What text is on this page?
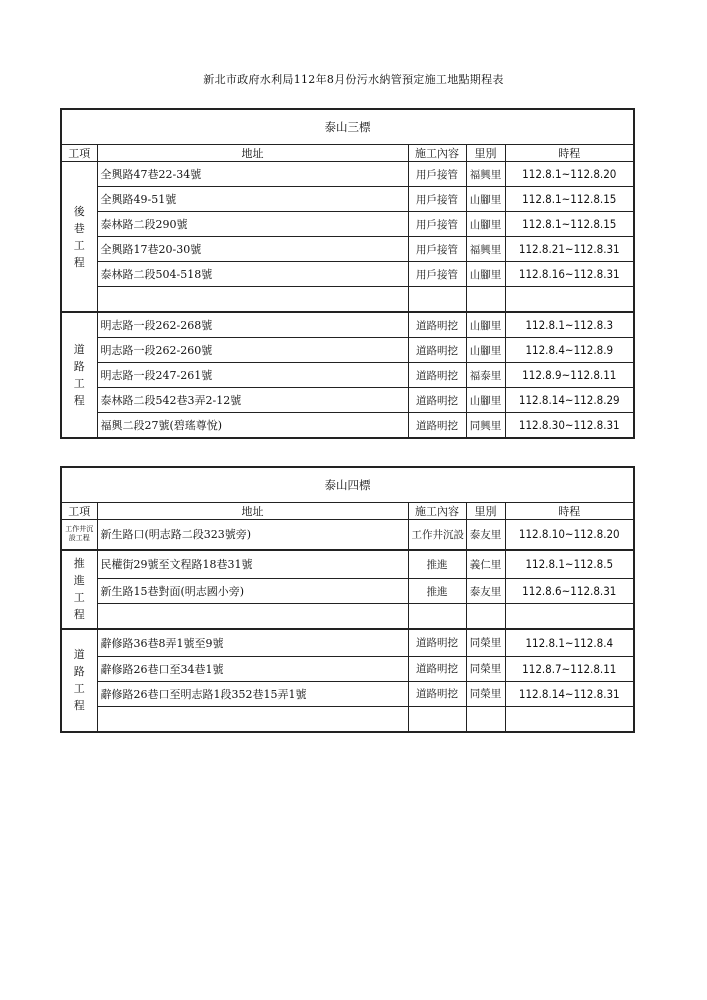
新北市政府水利局112年8月份污水納管預定施工地點期程表
泰山三標				
工項	地址	施工內容	里別	時程
後巷工程	全興路47巷22-34號	用戶接管	福興里	112.8.1~112.8.20
	全興路49-51號	用戶接管	山腳里	112.8.1~112.8.15
	泰林路二段290號	用戶接管	山腳里	112.8.1~112.8.15
	全興路17巷20-30號	用戶接管	福興里	112.8.21~112.8.31
	泰林路二段504-518號	用戶接管	山腳里	112.8.16~112.8.31

道路工程	明志路一段262-268號	道路明挖	山腳里	112.8.1~112.8.3
	明志路一段262-260號	道路明挖	山腳里	112.8.4~112.8.9
	明志路一段247-261號	道路明挖	福泰里	112.8.9~112.8.11
	泰林路二段542巷3弄2-12號	道路明挖	山腳里	112.8.14~112.8.29
	福興二段27號(碧瑤尊悅)	道路明挖	同興里	112.8.30~112.8.31
泰山四標				
工項	地址	施工內容	里別	時程
工作井沉設工程	新生路口(明志路二段323號旁)	工作井沉設	泰友里	112.8.10~112.8.20
推進工程	民權街29號至文程路18巷31號	推進	義仁里	112.8.1~112.8.5
	新生路15巷對面(明志國小旁)	推進	泰友里	112.8.6~112.8.31

道路工程	辭修路36巷8弄1號至9號	道路明挖	同榮里	112.8.1~112.8.4
	辭修路26巷口至34巷1號	道路明挖	同榮里	112.8.7~112.8.11
	辭修路26巷口至明志路1段352巷15弄1號	道路明挖	同榮里	112.8.14~112.8.31
